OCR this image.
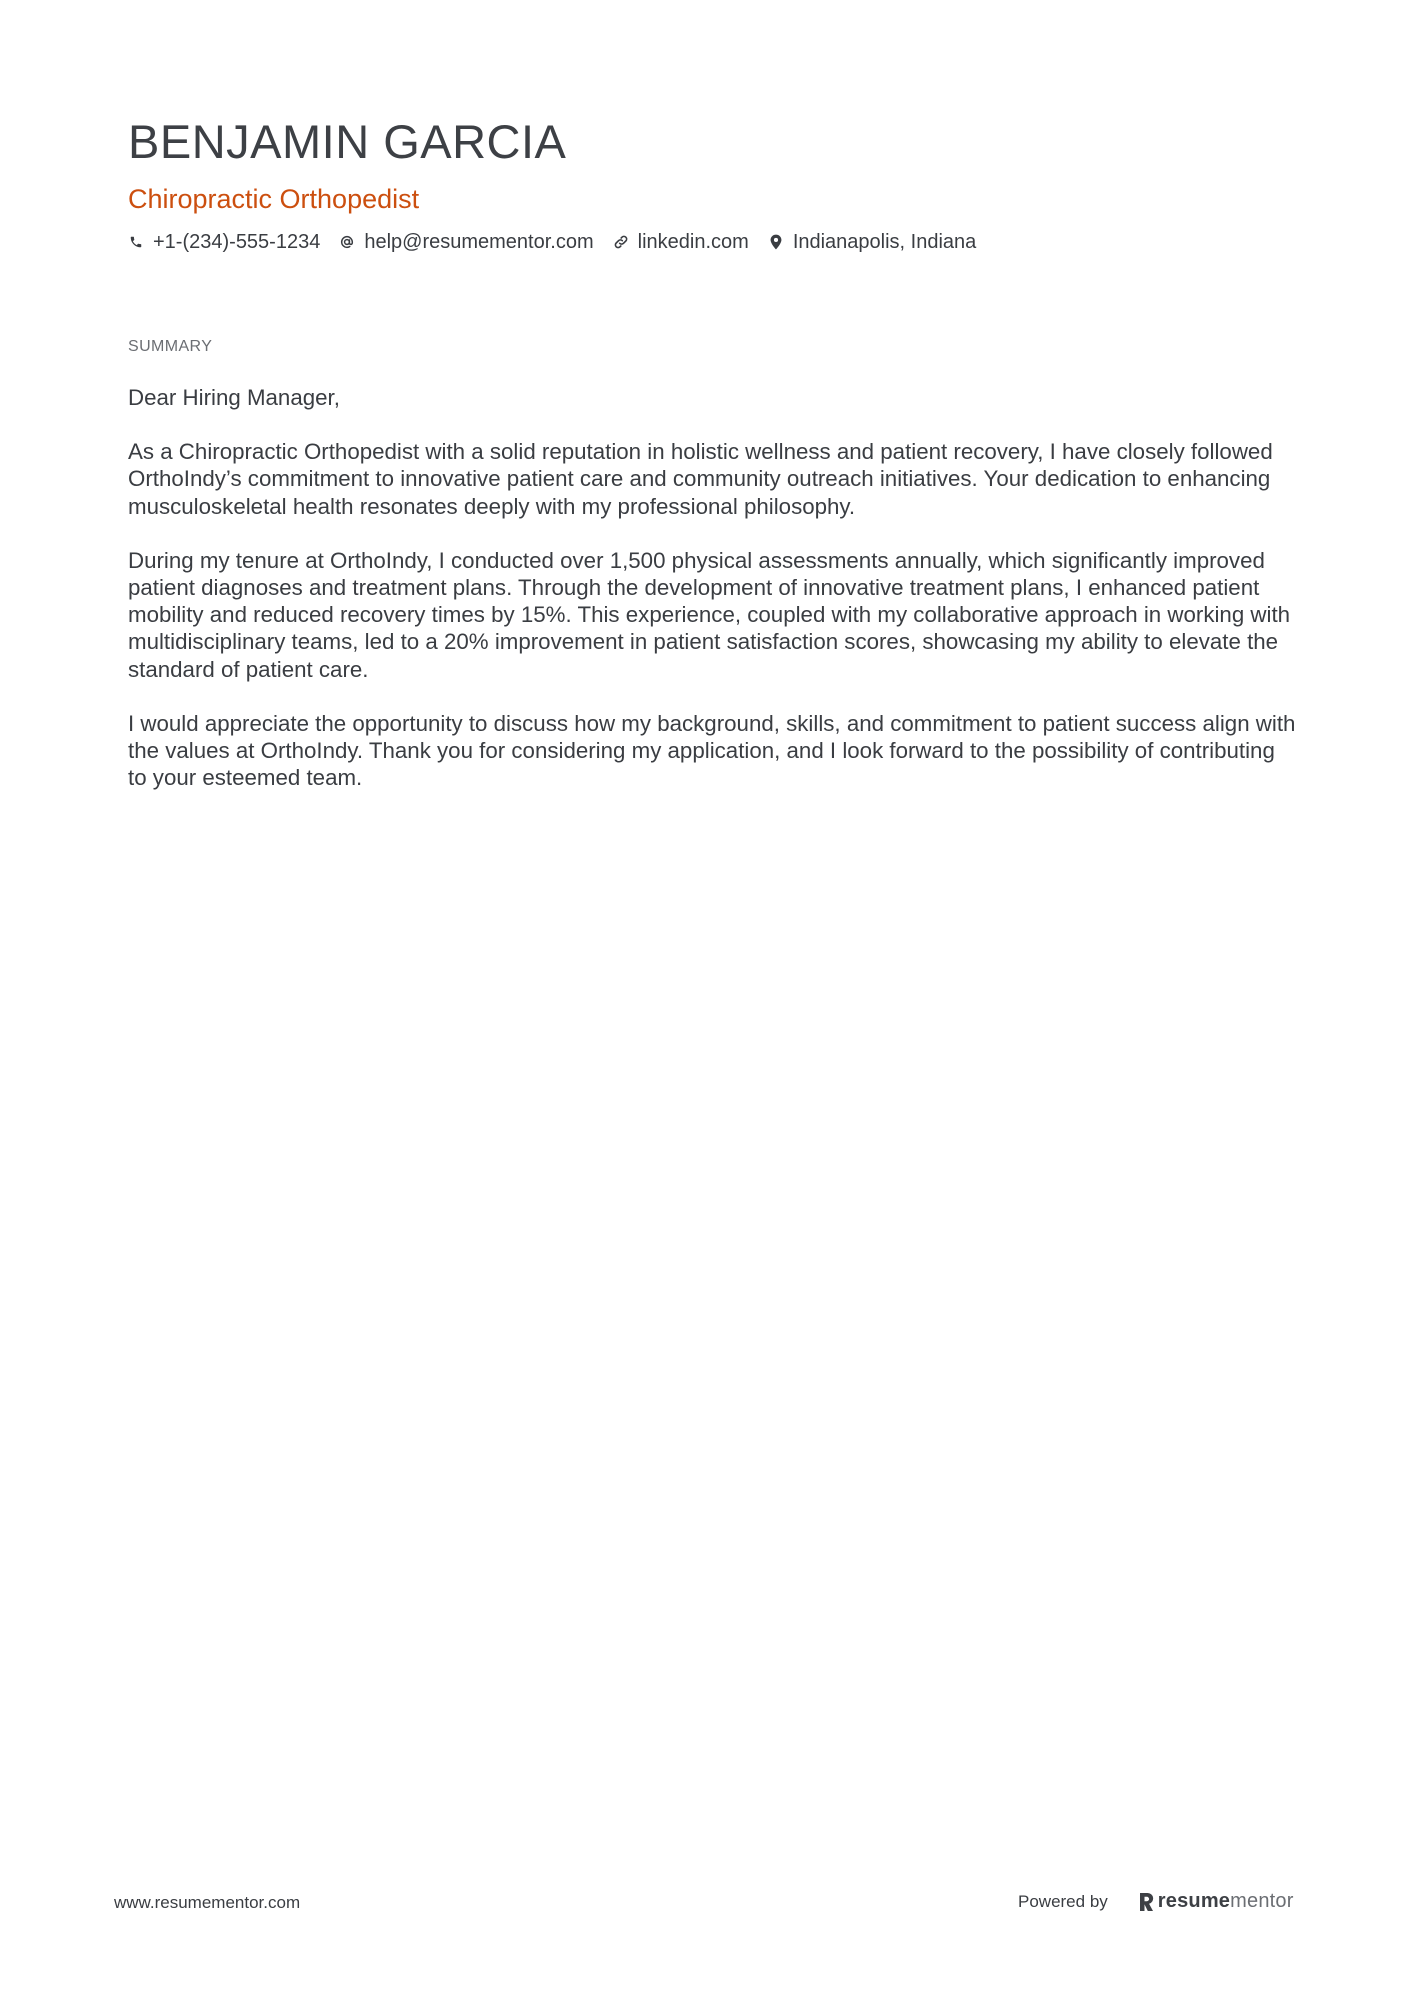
BENJAMIN GARCIA
Chiropractic Orthopedist
+1-(234)-555-1234 help@resumementor.com linkedin.com Indianapolis, Indiana
SUMMARY

Dear Hiring Manager,

As a Chiropractic Orthopedist with a solid reputation in holistic wellness and patient recovery, I have closely followed OrthoIndy’s commitment to innovative patient care and community outreach initiatives. Your dedication to enhancing musculoskeletal health resonates deeply with my professional philosophy.

During my tenure at OrthoIndy, I conducted over 1,500 physical assessments annually, which significantly improved patient diagnoses and treatment plans. Through the development of innovative treatment plans, I enhanced patient mobility and reduced recovery times by 15%. This experience, coupled with my collaborative approach in working with multidisciplinary teams, led to a 20% improvement in patient satisfaction scores, showcasing my ability to elevate the standard of patient care.

I would appreciate the opportunity to discuss how my background, skills, and commitment to patient success align with the values at OrthoIndy. Thank you for considering my application, and I look forward to the possibility of contributing to your esteemed team.

www.resumementor.com	Powered by	resume mentor
